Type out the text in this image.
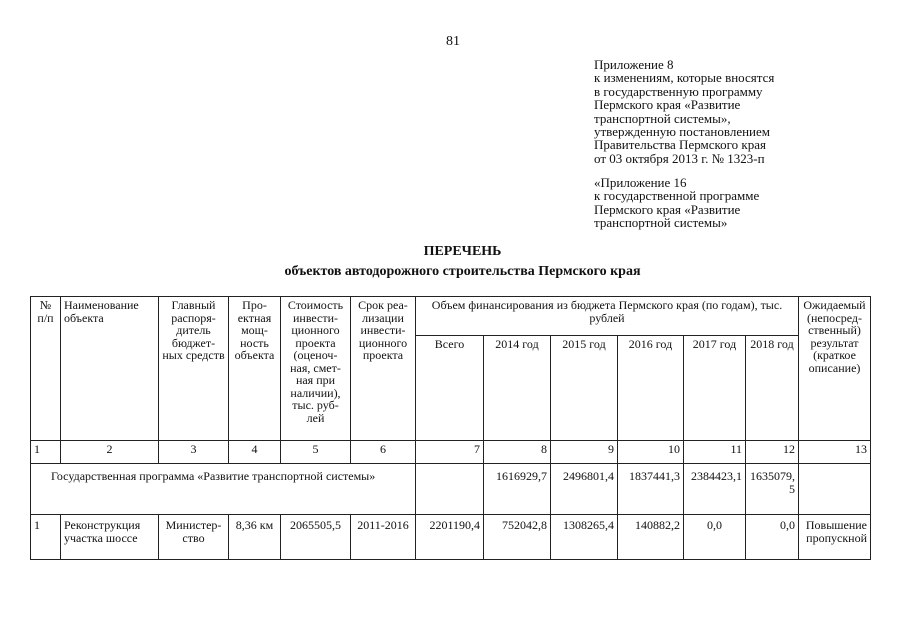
81
Приложение 8
к изменениям, которые вносятся
в государственную программу
Пермского края «Развитие
транспортной системы»,
утвержденную постановлением
Правительства Пермского края
от 03 октября 2013 г. № 1323-п
«Приложение 16
к государственной программе
Пермского края «Развитие
транспортной системы»
ПЕРЕЧЕНЬ
объектов автодорожного строительства Пермского края
№ п/п	Наименование объекта	Главный распоря-дитель бюджет-ных средств	Про-ектная мощ-ность объекта	Стоимость инвести-ционного проекта (оценоч-ная, смет-ная при наличии), тыс. руб-лей	Срок реа-лизации инвести-ционного проекта	Объем финансирования из бюджета Пермского края (по годам), тыс. рублей						Ожидаемый (непосред-ственный) результат (краткое описание)
						Всего	2014 год	2015 год	2016 год	2017 год	2018 год	
1	2	3	4	5	6	7	8	9	10	11	12	13
Государственная программа «Развитие транспортной системы»							1616929,7	2496801,4	1837441,3	2384423,1	1635079,5	
1	Реконструкция участка шоссе	Министер-ство	8,36 км	2065505,5	2011-2016	2201190,4	752042,8	1308265,4	140882,2	0,0	0,0	Повышение пропускной
